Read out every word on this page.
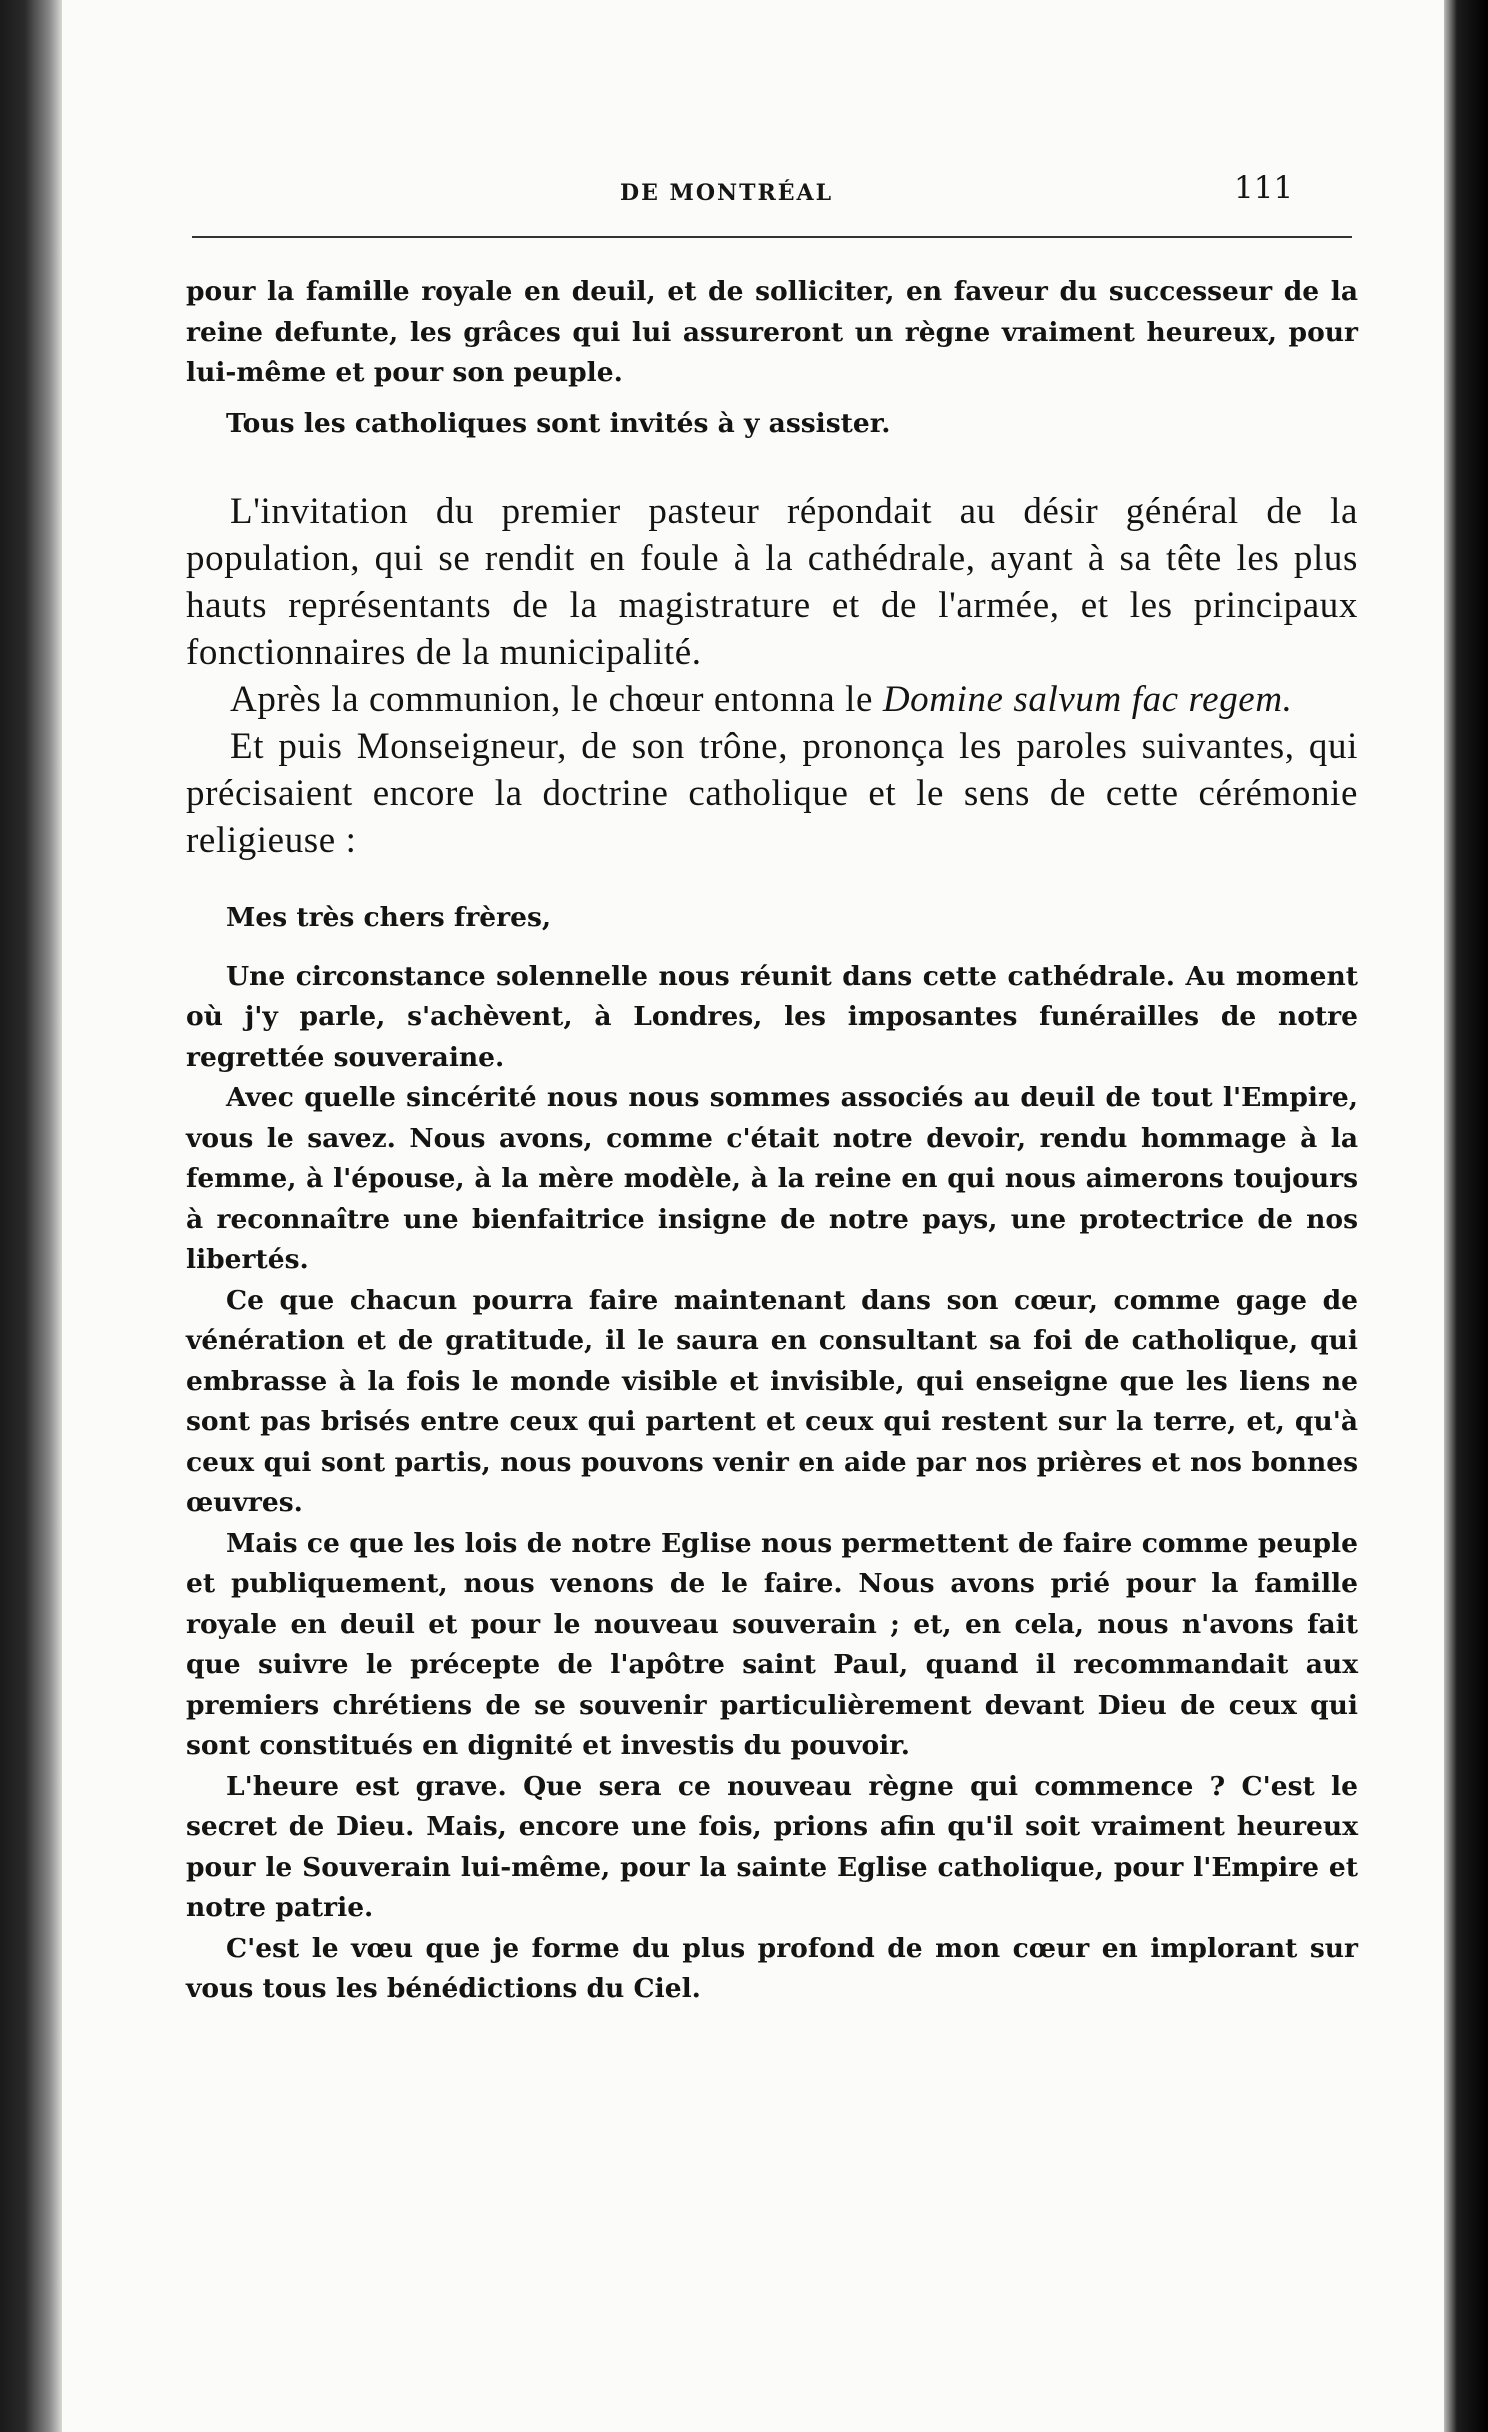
DE MONTRÉAL	111

pour la famille royale en deuil, et de solliciter, en faveur du successeur de la reine defunte, les grâces qui lui assureront un règne vraiment heureux, pour lui-même et pour son peuple.

Tous les catholiques sont invités à y assister.

L'invitation du premier pasteur répondait au désir général de la population, qui se rendit en foule à la cathédrale, ayant à sa tête les plus hauts représentants de la magistrature et de l'armée, et les principaux fonctionnaires de la municipalité.

Après la communion, le chœur entonna le Domine salvum fac regem.

Et puis Monseigneur, de son trône, prononça les paroles suivantes, qui précisaient encore la doctrine catholique et le sens de cette cérémonie religieuse :

Mes très chers frères,

Une circonstance solennelle nous réunit dans cette cathédrale. Au moment où j'y parle, s'achèvent, à Londres, les imposantes funérailles de notre regrettée souveraine.

Avec quelle sincérité nous nous sommes associés au deuil de tout l'Empire, vous le savez. Nous avons, comme c'était notre devoir, rendu hommage à la femme, à l'épouse, à la mère modèle, à la reine en qui nous aimerons toujours à reconnaître une bienfaitrice insigne de notre pays, une protectrice de nos libertés.

Ce que chacun pourra faire maintenant dans son cœur, comme gage de vénération et de gratitude, il le saura en consultant sa foi de catholique, qui embrasse à la fois le monde visible et invisible, qui enseigne que les liens ne sont pas brisés entre ceux qui partent et ceux qui restent sur la terre, et, qu'à ceux qui sont partis, nous pouvons venir en aide par nos prières et nos bonnes œuvres.

Mais ce que les lois de notre Eglise nous permettent de faire comme peuple et publiquement, nous venons de le faire. Nous avons prié pour la famille royale en deuil et pour le nouveau souverain ; et, en cela, nous n'avons fait que suivre le précepte de l'apôtre saint Paul, quand il recommandait aux premiers chrétiens de se souvenir particulièrement devant Dieu de ceux qui sont constitués en dignité et investis du pouvoir.

L'heure est grave. Que sera ce nouveau règne qui commence ? C'est le secret de Dieu. Mais, encore une fois, prions afin qu'il soit vraiment heureux pour le Souverain lui-même, pour la sainte Eglise catholique, pour l'Empire et notre patrie.

C'est le vœu que je forme du plus profond de mon cœur en implorant sur vous tous les bénédictions du Ciel.
